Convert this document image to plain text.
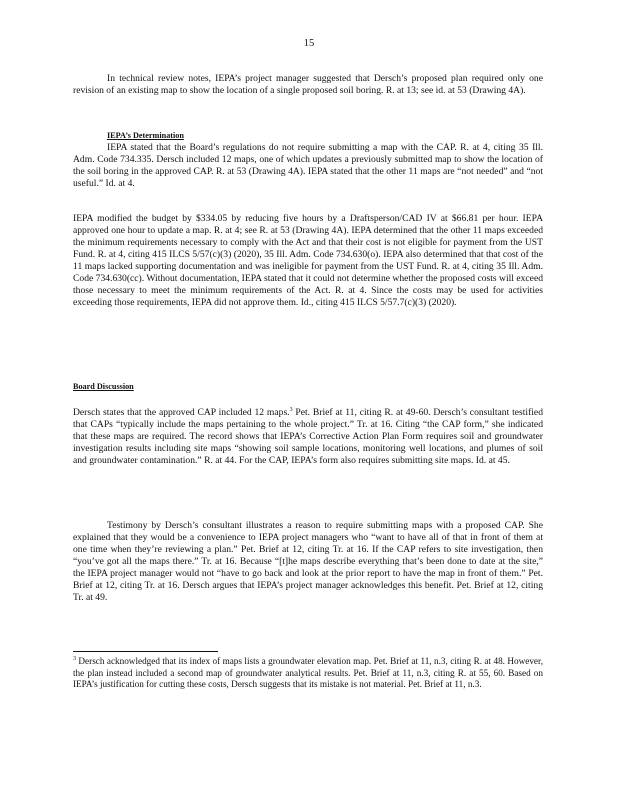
15
In technical review notes, IEPA’s project manager suggested that Dersch’s proposed plan required only one revision of an existing map to show the location of a single proposed soil boring. R. at 13; see id. at 53 (Drawing 4A).
IEPA’s Determination
IEPA stated that the Board’s regulations do not require submitting a map with the CAP. R. at 4, citing 35 Ill. Adm. Code 734.335. Dersch included 12 maps, one of which updates a previously submitted map to show the location of the soil boring in the approved CAP. R. at 53 (Drawing 4A). IEPA stated that the other 11 maps are “not needed” and “not useful.” Id. at 4.
IEPA modified the budget by $334.05 by reducing five hours by a Draftsperson/CAD IV at $66.81 per hour. IEPA approved one hour to update a map. R. at 4; see R. at 53 (Drawing 4A). IEPA determined that the other 11 maps exceeded the minimum requirements necessary to comply with the Act and that their cost is not eligible for payment from the UST Fund. R. at 4, citing 415 ILCS 5/57(c)(3) (2020), 35 Ill. Adm. Code 734.630(o). IEPA also determined that that cost of the 11 maps lacked supporting documentation and was ineligible for payment from the UST Fund. R. at 4, citing 35 Ill. Adm. Code 734.630(cc). Without documentation, IEPA stated that it could not determine whether the proposed costs will exceed those necessary to meet the minimum requirements of the Act. R. at 4. Since the costs may be used for activities exceeding those requirements, IEPA did not approve them. Id., citing 415 ILCS 5/57.7(c)(3) (2020).
Board Discussion
Dersch states that the approved CAP included 12 maps.$^3$ Pet. Brief at 11, citing R. at 49-60. Dersch’s consultant testified that CAPs “typically include the maps pertaining to the whole project.” Tr. at 16. Citing “the CAP form,” she indicated that these maps are required. The record shows that IEPA’s Corrective Action Plan Form requires soil and groundwater investigation results including site maps “showing soil sample locations, monitoring well locations, and plumes of soil and groundwater contamination.” R. at 44. For the CAP, IEPA’s form also requires submitting site maps. Id. at 45.
Testimony by Dersch’s consultant illustrates a reason to require submitting maps with a proposed CAP. She explained that they would be a convenience to IEPA project managers who “want to have all of that in front of them at one time when they’re reviewing a plan.” Pet. Brief at 12, citing Tr. at 16. If the CAP refers to site investigation, then “you’ve got all the maps there.” Tr. at 16. Because “[t]he maps describe everything that’s been done to date at the site,” the IEPA project manager would not “have to go back and look at the prior report to have the map in front of them.” Pet. Brief at 12, citing Tr. at 16. Dersch argues that IEPA’s project manager acknowledges this benefit. Pet. Brief at 12, citing Tr. at 49.
$^3$ Dersch acknowledged that its index of maps lists a groundwater elevation map. Pet. Brief at 11, n.3, citing R. at 48. However, the plan instead included a second map of groundwater analytical results. Pet. Brief at 11, n.3, citing R. at 55, 60. Based on IEPA’s justification for cutting these costs, Dersch suggests that its mistake is not material. Pet. Brief at 11, n.3.
